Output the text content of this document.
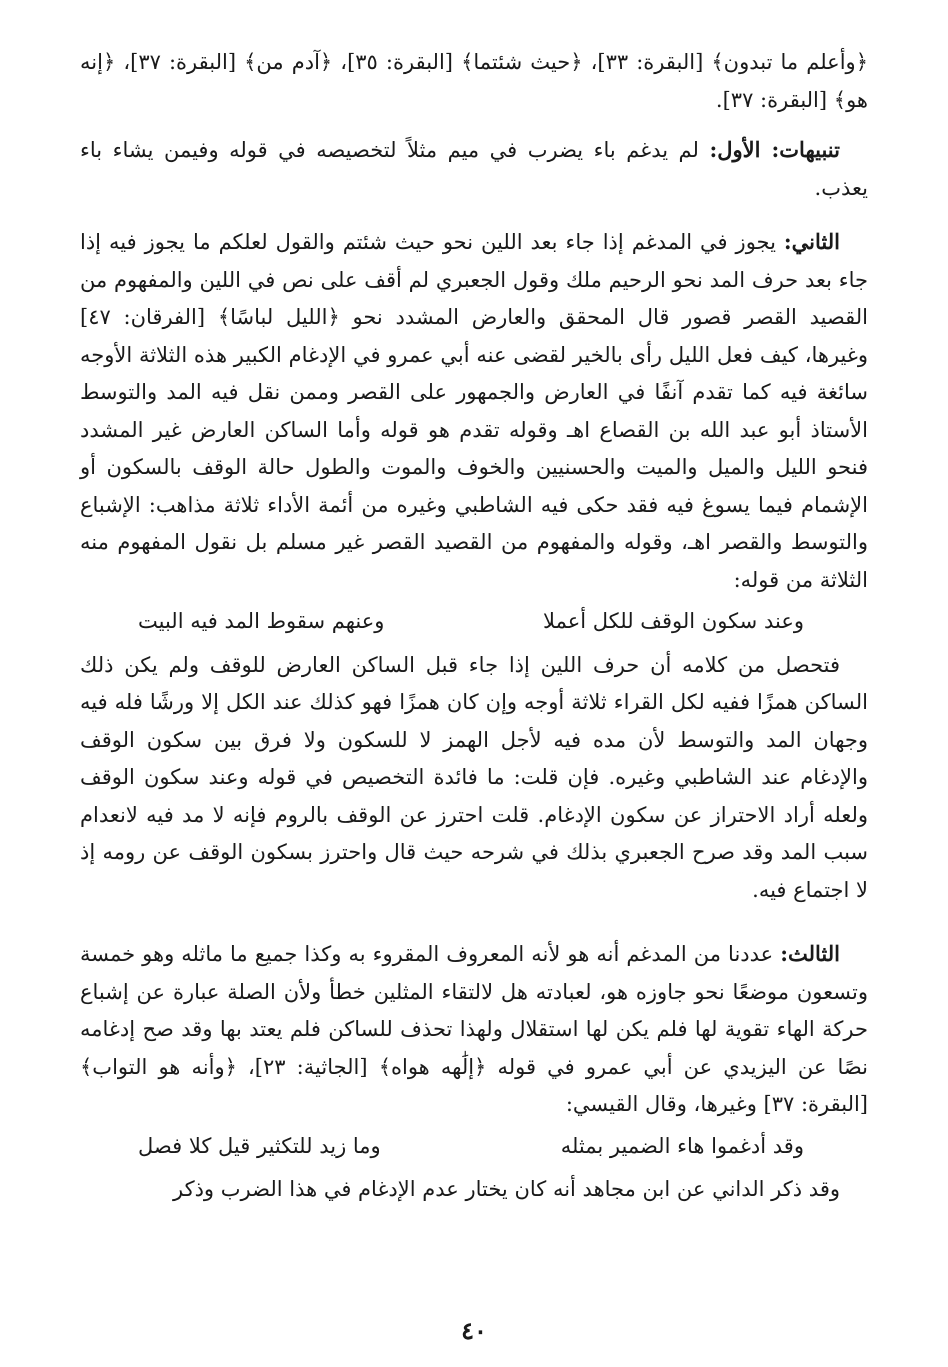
﴿وأعلم ما تبدون﴾ [البقرة: ٣٣]، ﴿حيث شئتما﴾ [البقرة: ٣٥]، ﴿آدم من﴾ [البقرة: ٣٧]، ﴿إنه هو﴾ [البقرة: ٣٧].

تنبيهات: الأول: لم يدغم باء يضرب في ميم مثلاً لتخصيصه في قوله وفيمن يشاء باء يعذب.

الثاني: يجوز في المدغم إذا جاء بعد اللين نحو حيث شئتم والقول لعلكم ما يجوز فيه إذا جاء بعد حرف المد نحو الرحيم ملك وقول الجعبري لم أقف على نص في اللين والمفهوم من القصيد القصر قصور قال المحقق والعارض المشدد نحو ﴿الليل لباسًا﴾ [الفرقان: ٤٧] وغيرها، كيف فعل الليل رأى بالخير لقضى عنه أبي عمرو في الإدغام الكبير هذه الثلاثة الأوجه سائغة فيه كما تقدم آنفًا في العارض والجمهور على القصر وممن نقل فيه المد والتوسط الأستاذ أبو عبد الله بن القصاع اهـ وقوله تقدم هو قوله وأما الساكن العارض غير المشدد فنحو الليل والميل والميت والحسنيين والخوف والموت والطول حالة الوقف بالسكون أو الإشمام فيما يسوغ فيه فقد حكى فيه الشاطبي وغيره من أئمة الأداء ثلاثة مذاهب: الإشباع والتوسط والقصر اهـ، وقوله والمفهوم من القصيد القصر غير مسلم بل نقول المفهوم منه الثلاثة من قوله:

وعند سكون الوقف للكل أعملا
وعنهم سقوط المد فيه البيت

فتحصل من كلامه أن حرف اللين إذا جاء قبل الساكن العارض للوقف ولم يكن ذلك الساكن همزًا ففيه لكل القراء ثلاثة أوجه وإن كان همزًا فهو كذلك عند الكل إلا ورشًا فله فيه وجهان المد والتوسط لأن مده فيه لأجل الهمز لا للسكون ولا فرق بين سكون الوقف والإدغام عند الشاطبي وغيره. فإن قلت: ما فائدة التخصيص في قوله وعند سكون الوقف ولعله أراد الاحتراز عن سكون الإدغام. قلت احترز عن الوقف بالروم فإنه لا مد فيه لانعدام سبب المد وقد صرح الجعبري بذلك في شرحه حيث قال واحترز بسكون الوقف عن رومه إذ لا اجتماع فيه.

الثالث: عددنا من المدغم أنه هو لأنه المعروف المقروء به وكذا جميع ما ماثله وهو خمسة وتسعون موضعًا نحو جاوزه هو، لعبادته هل لالتقاء المثلين خطأ ولأن الصلة عبارة عن إشباع حركة الهاء تقوية لها فلم يكن لها استقلال ولهذا تحذف للساكن فلم يعتد بها وقد صح إدغامه نصًا عن اليزيدي عن أبي عمرو في قوله ﴿إلَٰهه هواه﴾ [الجاثية: ٢٣]، ﴿وأنه هو التواب﴾ [البقرة: ٣٧] وغيرها، وقال القيسي:

وقد أدغموا هاء الضمير بمثله
وما زيد للتكثير قيل كلا فصل

وقد ذكر الداني عن ابن مجاهد أنه كان يختار عدم الإدغام في هذا الضرب وذكر

٤٠
